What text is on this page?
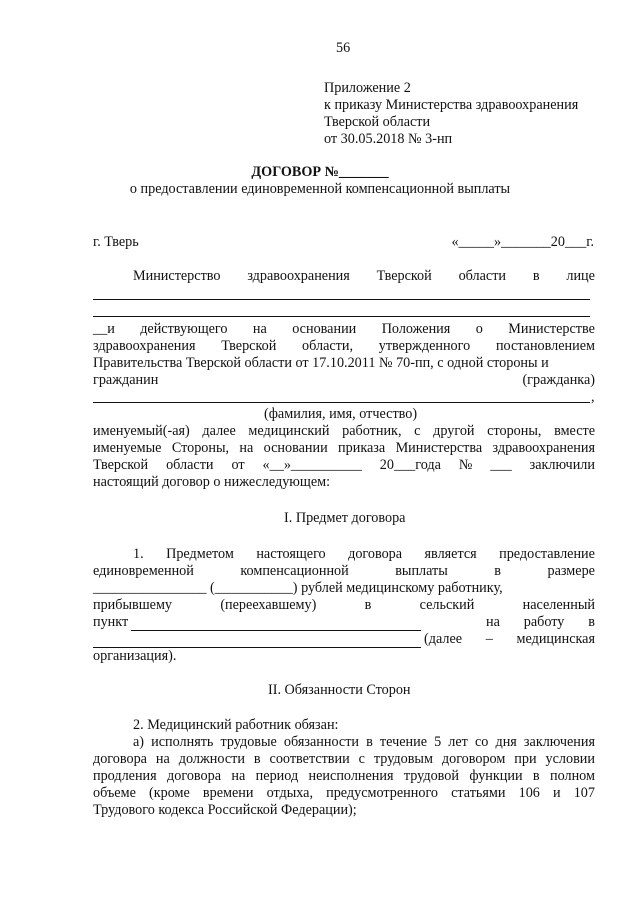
56
Приложение 2
к приказу Министерства здравоохранения
Тверской области
от 30.05.2018 № 3-нп
ДОГОВОР №_______
о предоставлении единовременной компенсационной выплаты
г. Тверь	«_____»_______20___г.
Министерство здравоохранения Тверской области в лице
__и действующего на основании Положения о Министерстве
здравоохранения Тверской области, утвержденного постановлением
Правительства Тверской области от 17.10.2011 № 70-пп, с одной стороны и
гражданин	(гражданка)
,
(фамилия, имя, отчество)
именуемый(-ая) далее медицинский работник, с другой стороны, вместе
именуемые Стороны, на основании приказа Министерства здравоохранения
Тверской области от «__»__________ 20___года № ___ заключили
настоящий договор о нижеследующем:
I. Предмет договора
1. Предметом настоящего договора является предоставление
единовременной	компенсационной	выплаты	в	размере
________________ (___________) рублей медицинскому работнику,
прибывшему	(переехавшему)	в	сельский	населенный
пункт	на работу в
(далее – медицинская
организация).
II. Обязанности Сторон
2. Медицинский работник обязан:
а) исполнять трудовые обязанности в течение 5 лет со дня заключения
договора на должности в соответствии с трудовым договором при условии
продления договора на период неисполнения трудовой функции в полном
объеме (кроме времени отдыха, предусмотренного статьями 106 и 107
Трудового кодекса Российской Федерации);
